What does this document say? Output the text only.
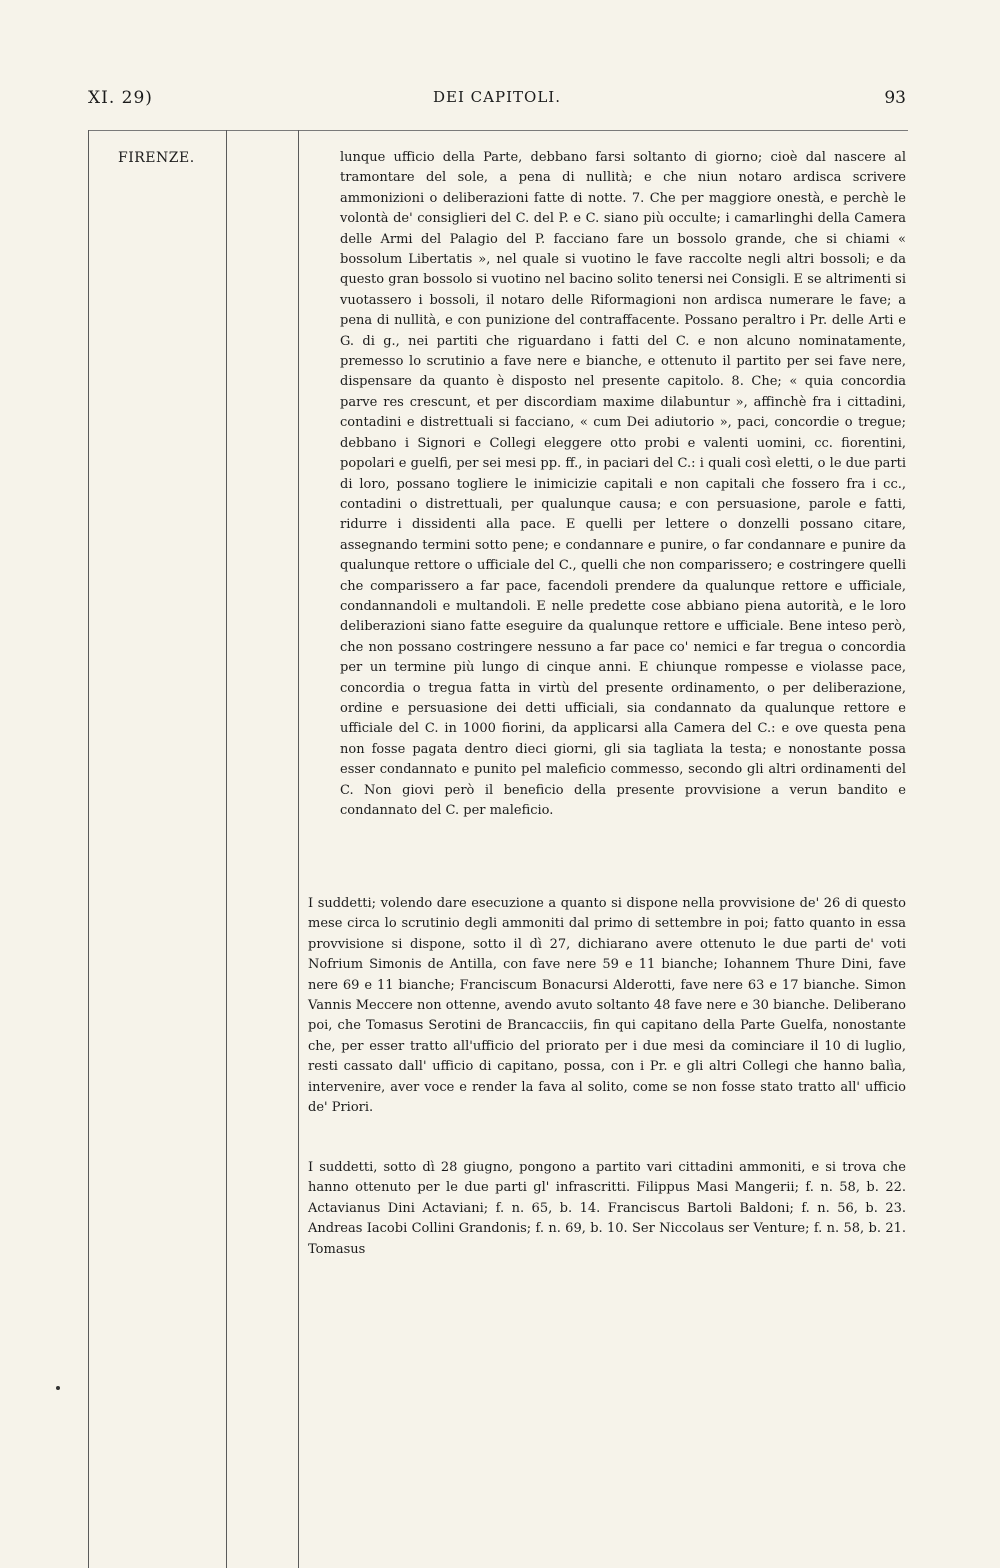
XI. 29)	DEI CAPITOLI.	93
FIRENZE.	lunque ufficio della Parte, debbano farsi soltanto di giorno; cioè dal nascere al tramontare del sole, a pena di nullità; e che niun notaro ardisca scrivere ammonizioni o deliberazioni fatte di notte. 7. Che per maggiore onestà, e perchè le volontà de' consiglieri del C. del P. e C. siano più occulte; i camarlinghi della Camera delle Armi del Palagio del P. facciano fare un bossolo grande, che si chiami « bossolum Libertatis », nel quale si vuotino le fave raccolte negli altri bossoli; e da questo gran bossolo si vuotino nel bacino solito tenersi nei Consigli. E se altrimenti si vuotassero i bossoli, il notaro delle Riformagioni non ardisca numerare le fave; a pena di nullità, e con punizione del contraffacente. Possano peraltro i Pr. delle Arti e G. di g., nei partiti che riguardano i fatti del C. e non alcuno nominatamente, premesso lo scrutinio a fave nere e bianche, e ottenuto il partito per sei fave nere, dispensare da quanto è disposto nel presente capitolo. 8. Che; « quia concordia parve res crescunt, et per discordiam maxime dilabuntur », affinchè fra i cittadini, contadini e distrettuali si facciano, « cum Dei adiutorio », paci, concordie o tregue; debbano i Signori e Collegi eleggere otto probi e valenti uomini, cc. fiorentini, popolari e guelfi, per sei mesi pp. ff., in paciari del C.: i quali così eletti, o le due parti di loro, possano togliere le inimicizie capitali e non capitali che fossero fra i cc., contadini o distrettuali, per qualunque causa; e con persuasione, parole e fatti, ridurre i dissidenti alla pace. E quelli per lettere o donzelli possano citare, assegnando termini sotto pene; e condannare e punire, o far condannare e punire da qualunque rettore o ufficiale del C., quelli che non comparissero; e costringere quelli che comparissero a far pace, facendoli prendere da qualunque rettore e ufficiale, condannandoli e multandoli. E nelle predette cose abbiano piena autorità, e le loro deliberazioni siano fatte eseguire da qualunque rettore e ufficiale. Bene inteso però, che non possano costringere nessuno a far pace co' nemici e far tregua o concordia per un termine più lungo di cinque anni. E chiunque rompesse e violasse pace, concordia o tregua fatta in virtù del presente ordinamento, o per deliberazione, ordine e persuasione dei detti ufficiali, sia condannato da qualunque rettore e ufficiale del C. in 1000 fiorini, da applicarsi alla Camera del C.: e ove questa pena non fosse pagata dentro dieci giorni, gli sia tagliata la testa; e nonostante possa esser condannato e punito pel maleficio commesso, secondo gli altri ordinamenti del C. Non giovi però il beneficio della presente provvisione a verun bandito e condannato del C. per maleficio.

I suddetti; volendo dare esecuzione a quanto si dispone nella provvisione de' 26 di questo mese circa lo scrutinio degli ammoniti dal primo di settembre in poi; fatto quanto in essa provvisione si dispone, sotto il dì 27, dichiarano avere ottenuto le due parti de' voti Nofrium Simonis de Antilla, con fave nere 59 e 11 bianche; Iohannem Thure Dini, fave nere 69 e 11 bianche; Franciscum Bonacursi Alderotti, fave nere 63 e 17 bianche. Simon Vannis Meccere non ottenne, avendo avuto soltanto 48 fave nere e 30 bianche. Deliberano poi, che Tomasus Serotini de Brancacciis, fin qui capitano della Parte Guelfa, nonostante che, per esser tratto all'ufficio del priorato per i due mesi da cominciare il 10 di luglio, resti cassato dall' ufficio di capitano, possa, con i Pr. e gli altri Collegi che hanno balìa, intervenire, aver voce e render la fava al solito, come se non fosse stato tratto all' ufficio de' Priori.

I suddetti, sotto dì 28 giugno, pongono a partito vari cittadini ammoniti, e si trova che hanno ottenuto per le due parti gl' infrascritti. Filippus Masi Mangerii; f. n. 58, b. 22. Actavianus Dini Actaviani; f. n. 65, b. 14. Franciscus Bartoli Baldoni; f. n. 56, b. 23. Andreas Iacobi Collini Grandonis; f. n. 69, b. 10. Ser Niccolaus ser Venture; f. n. 58, b. 21. Tomasus
